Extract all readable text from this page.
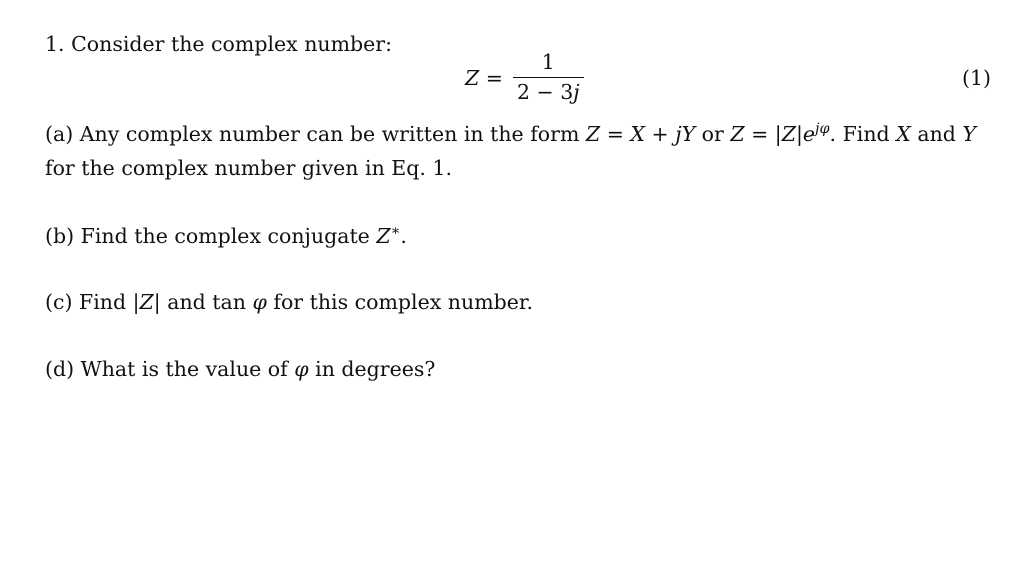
1. Consider the complex number:
$Z = \frac{1}{2 - 3j}$	(1)
(a) Any complex number can be written in the form Z = X + jY or $Z = |Z|e^{j\varphi}$. Find X and Y
for the complex number given in Eq. 1.
(b) Find the complex conjugate Z∗.
(c) Find |Z| and tan φ for this complex number.
(d) What is the value of φ in degrees?
